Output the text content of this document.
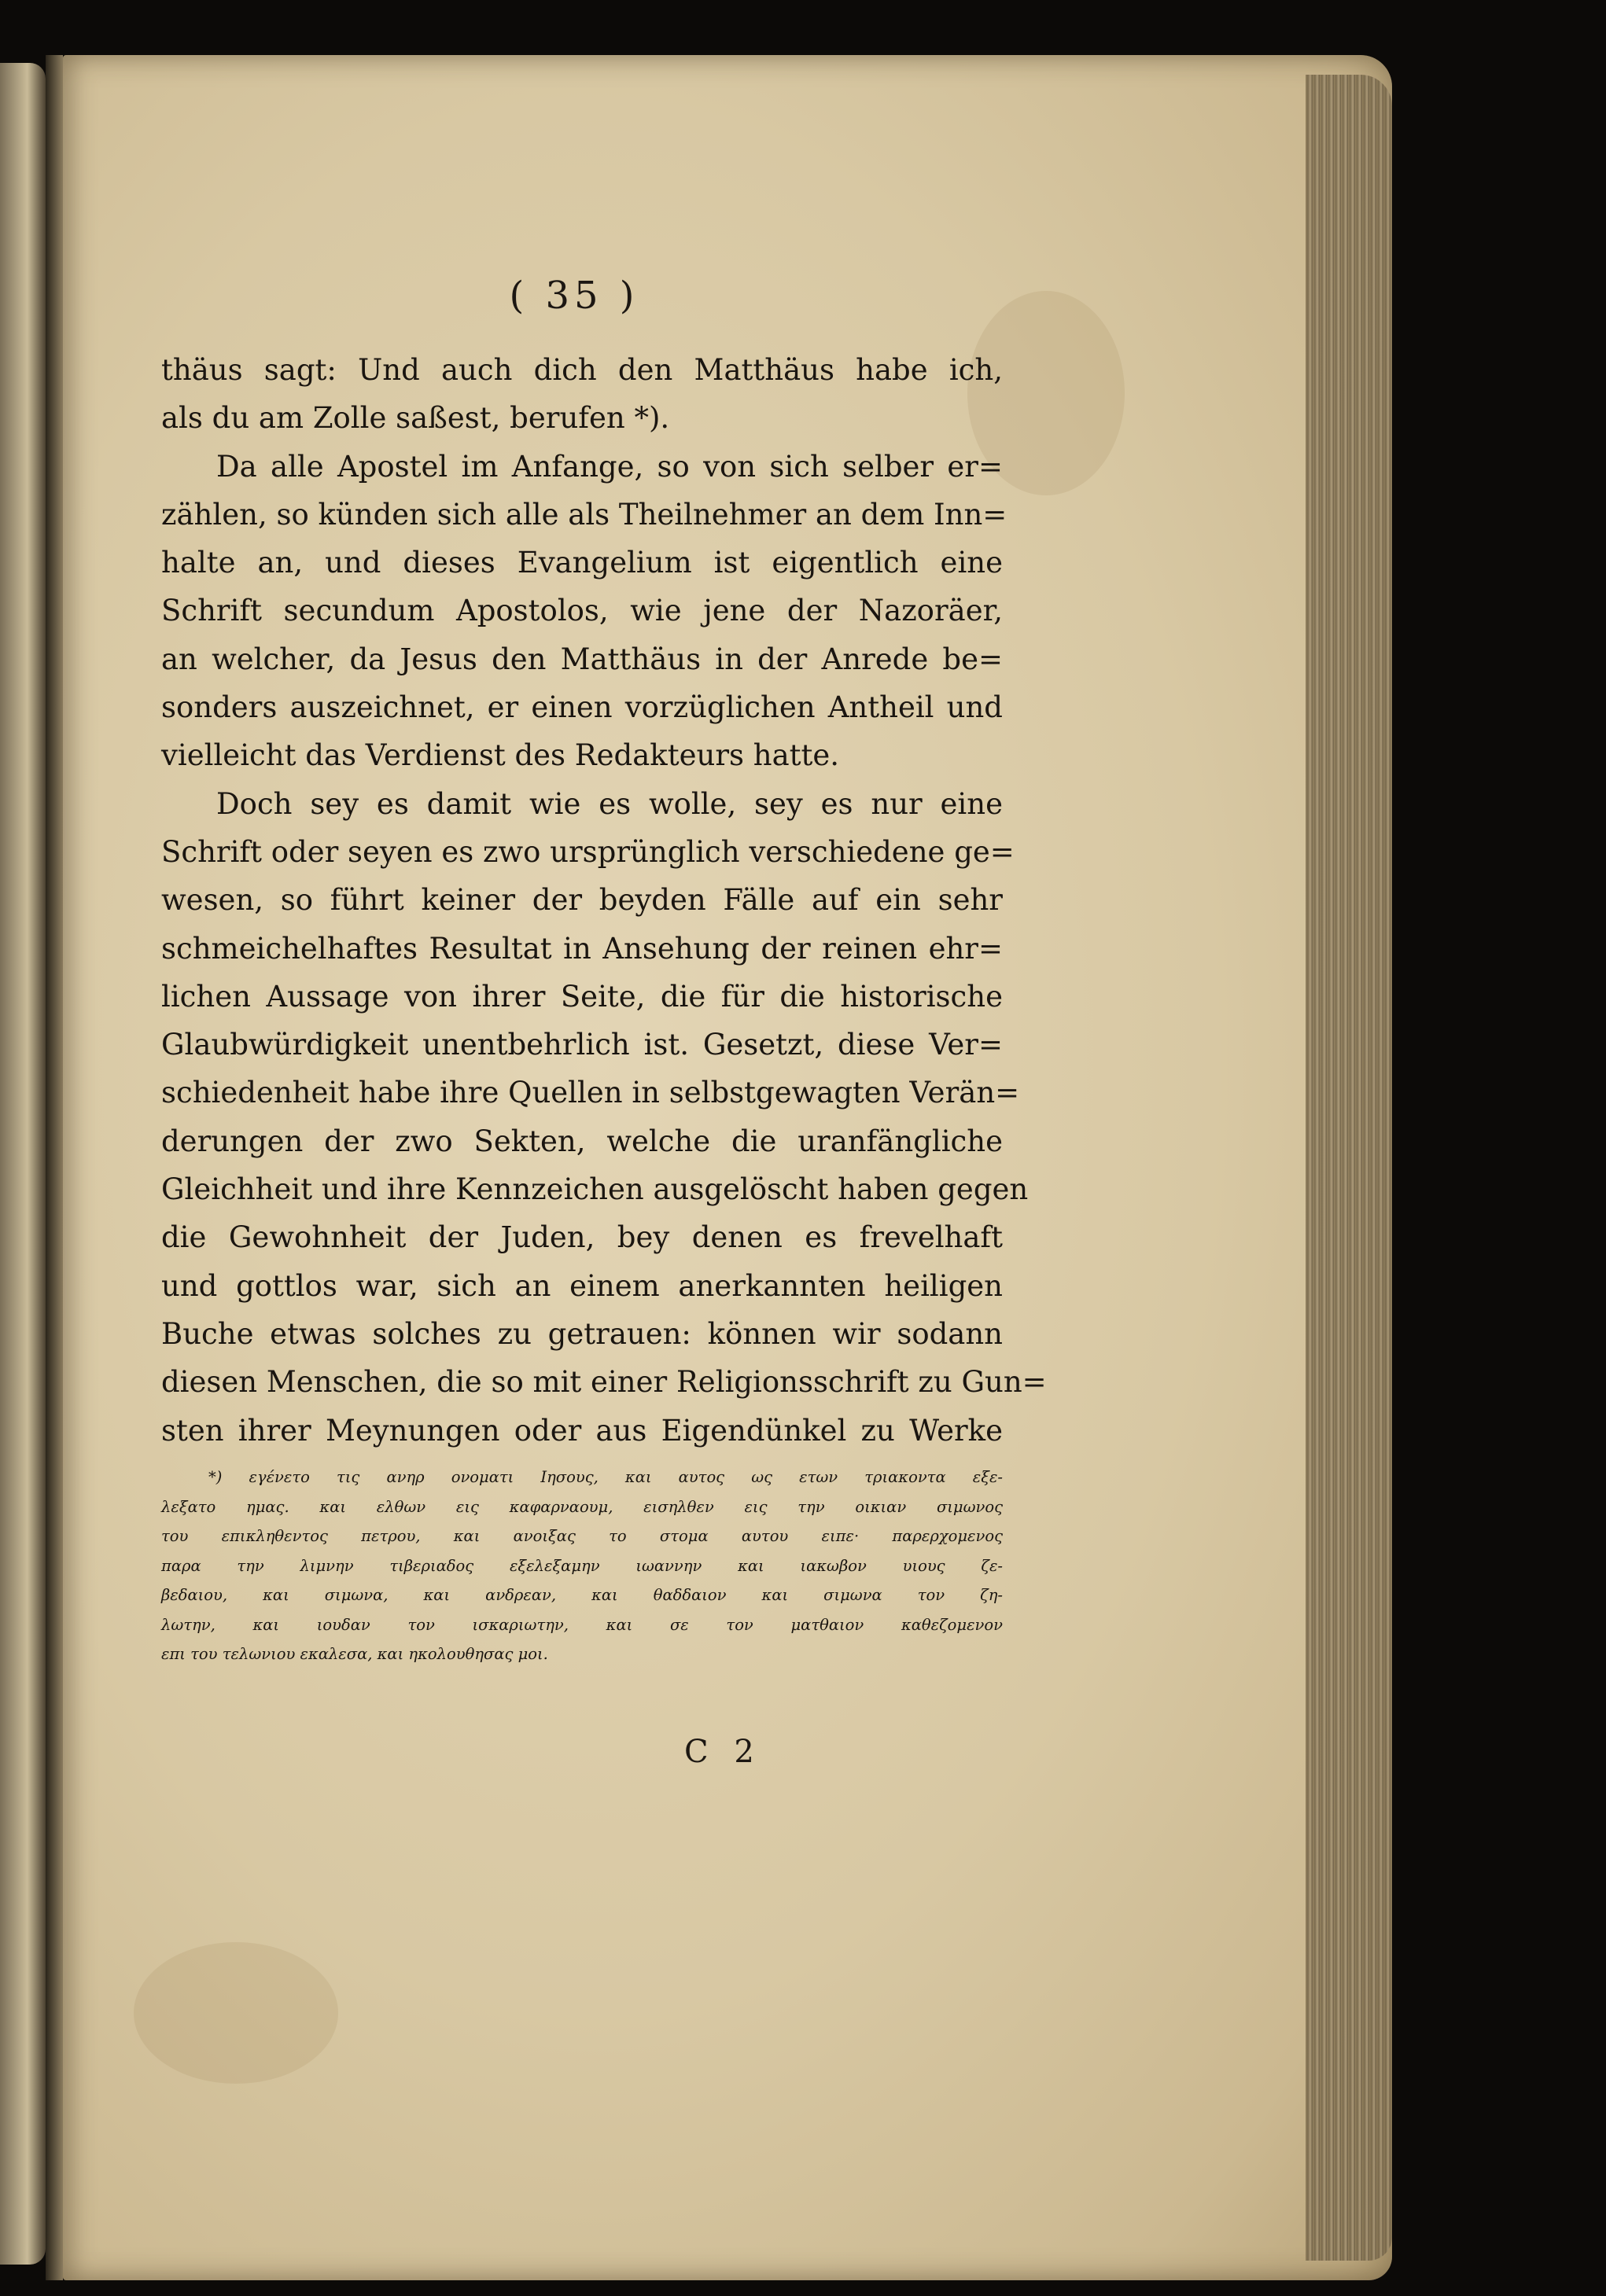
( 35 )
thäus sagt: Und auch dich den Matthäus habe ich,
als du am Zolle saßest, berufen *).
Da alle Apostel im Anfange, so von sich selber er=
zählen, so künden sich alle als Theilnehmer an dem Inn=
halte an, und dieses Evangelium ist eigentlich eine
Schrift secundum Apostolos, wie jene der Nazoräer,
an welcher, da Jesus den Matthäus in der Anrede be=
sonders auszeichnet, er einen vorzüglichen Antheil und
vielleicht das Verdienst des Redakteurs hatte.
Doch sey es damit wie es wolle, sey es nur eine
Schrift oder seyen es zwo ursprünglich verschiedene ge=
wesen, so führt keiner der beyden Fälle auf ein sehr
schmeichelhaftes Resultat in Ansehung der reinen ehr=
lichen Aussage von ihrer Seite, die für die historische
Glaubwürdigkeit unentbehrlich ist. Gesetzt, diese Ver=
schiedenheit habe ihre Quellen in selbstgewagten Verän=
derungen der zwo Sekten, welche die uranfängliche
Gleichheit und ihre Kennzeichen ausgelöscht haben gegen
die Gewohnheit der Juden, bey denen es frevelhaft
und gottlos war, sich an einem anerkannten heiligen
Buche etwas solches zu getrauen: können wir sodann
diesen Menschen, die so mit einer Religionsschrift zu Gun=
sten ihrer Meynungen oder aus Eigendünkel zu Werke
*) εγένετο τις ανηρ ονοματι Ιησους, και αυτος ως ετων τριακοντα εξε-
λεξατο ημας. και ελθων εις καφαρναουμ, εισηλθεν εις την οικιαν σιμωνος
του επικληθεντος πετρου, και ανοιξας το στομα αυτου ειπε· παρερχομενος
παρα την λιμνην τιβεριαδος εξελεξαμην ιωαννην και ιακωβον υιους ζε-
βεδαιου, και σιμωνα, και ανδρεαν, και θαδδαιον και σιμωνα τον ζη-
λωτην, και ιουδαν τον ισκαριωτην, και σε τον ματθαιον καθεζομενον
επι του τελωνιου εκαλεσα, και ηκολουθησας μοι.
C 2
